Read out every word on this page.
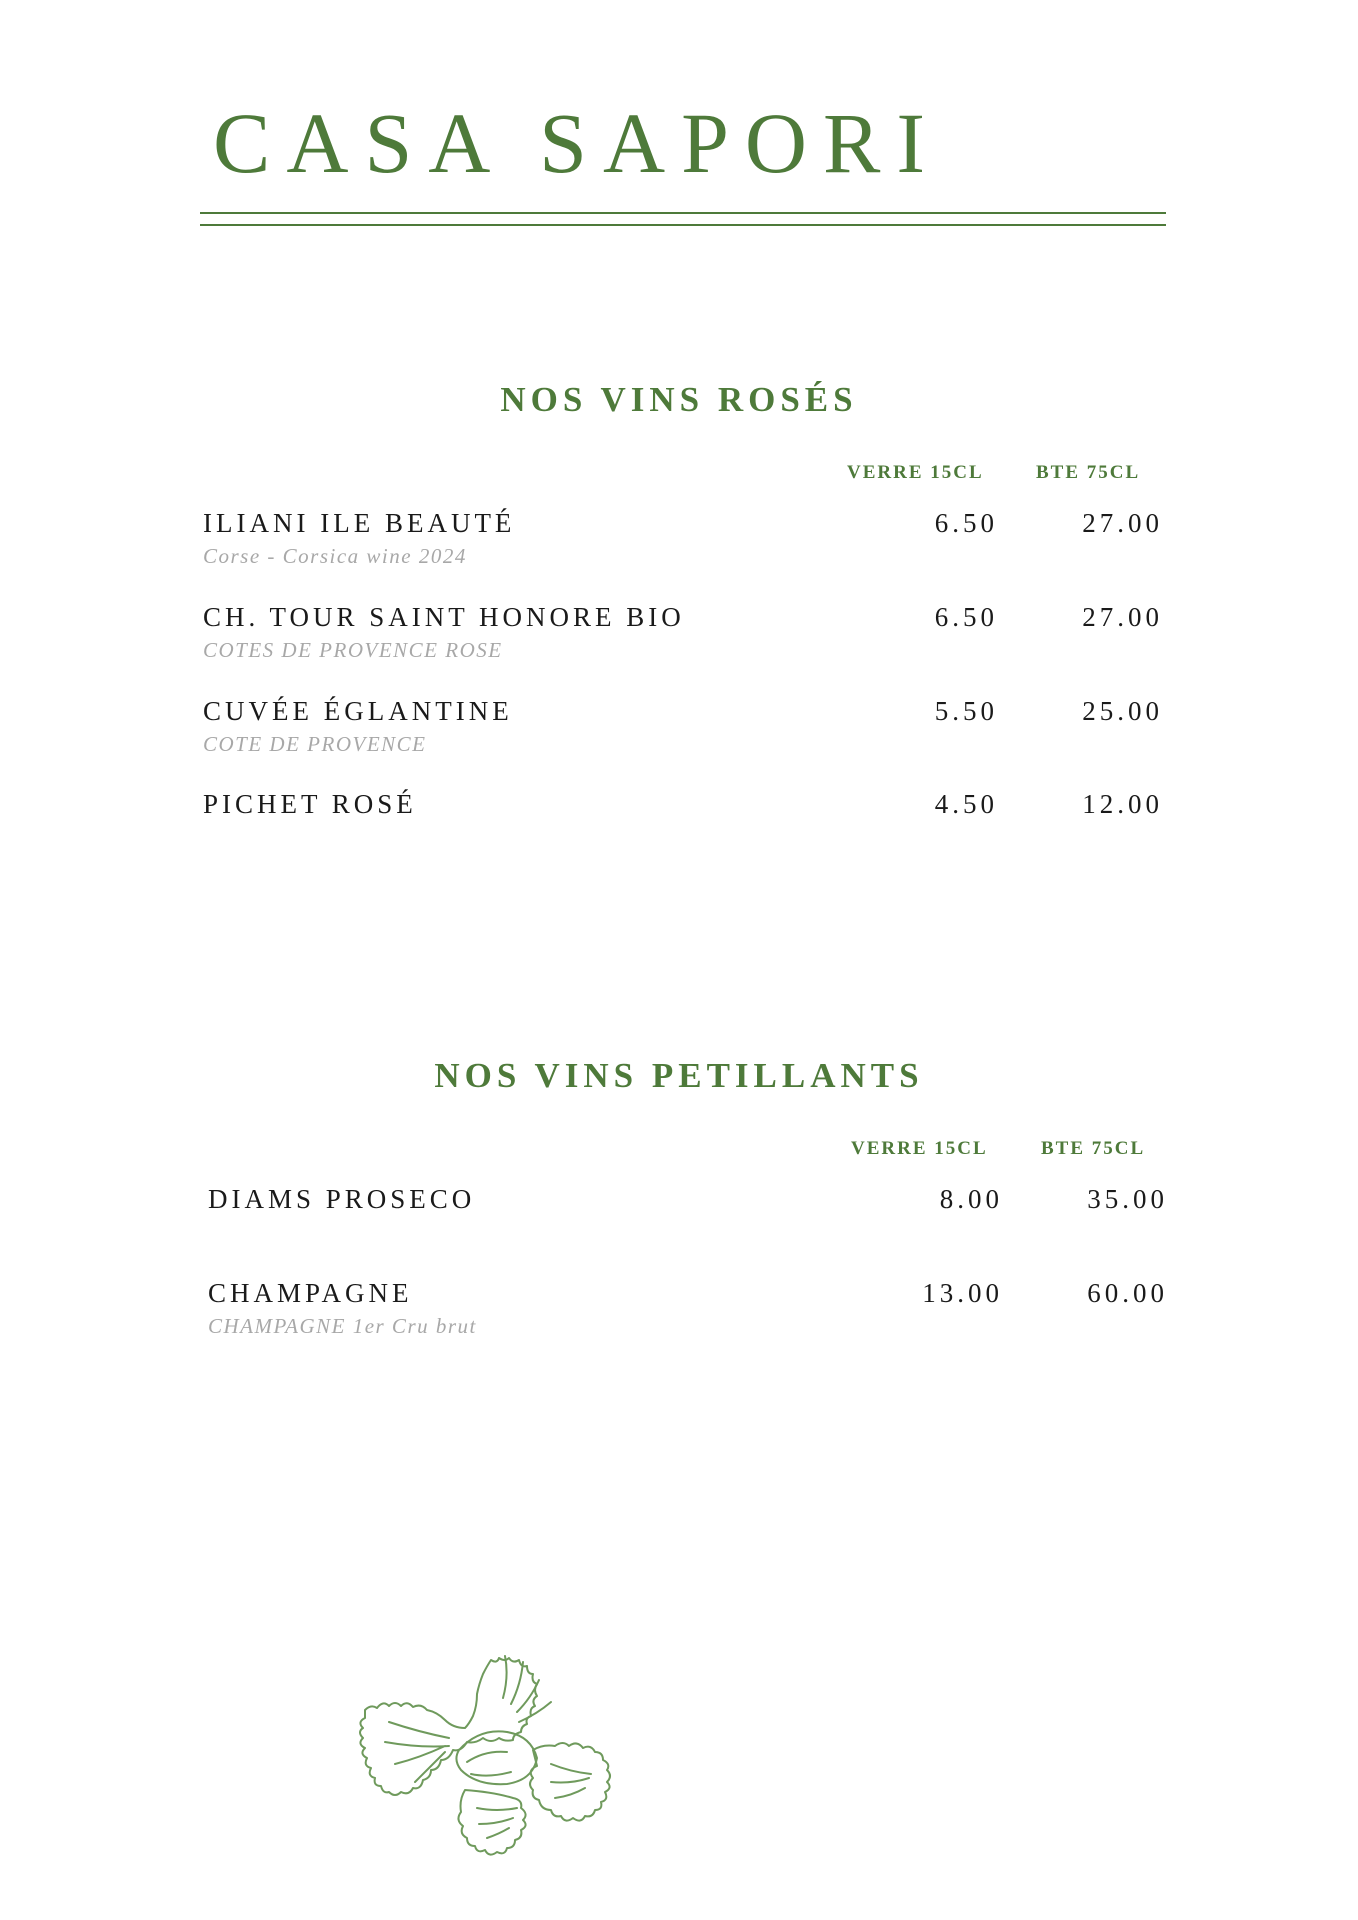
CASA SAPORI
NOS VINS ROSÉS
VERRE 15CL	BTE 75CL
ILIANI ILE BEAUTÉ
Corse - Corsica wine 2024
6.50	27.00
CH. TOUR SAINT HONORE BIO
COTES DE PROVENCE ROSE
6.50	27.00
CUVÉE ÉGLANTINE
COTE DE PROVENCE
5.50	25.00
PICHET ROSÉ	4.50	12.00
NOS VINS PETILLANTS
VERRE 15CL	BTE 75CL
DIAMS PROSECO	8.00	35.00
CHAMPAGNE
CHAMPAGNE 1er Cru brut
13.00	60.00
